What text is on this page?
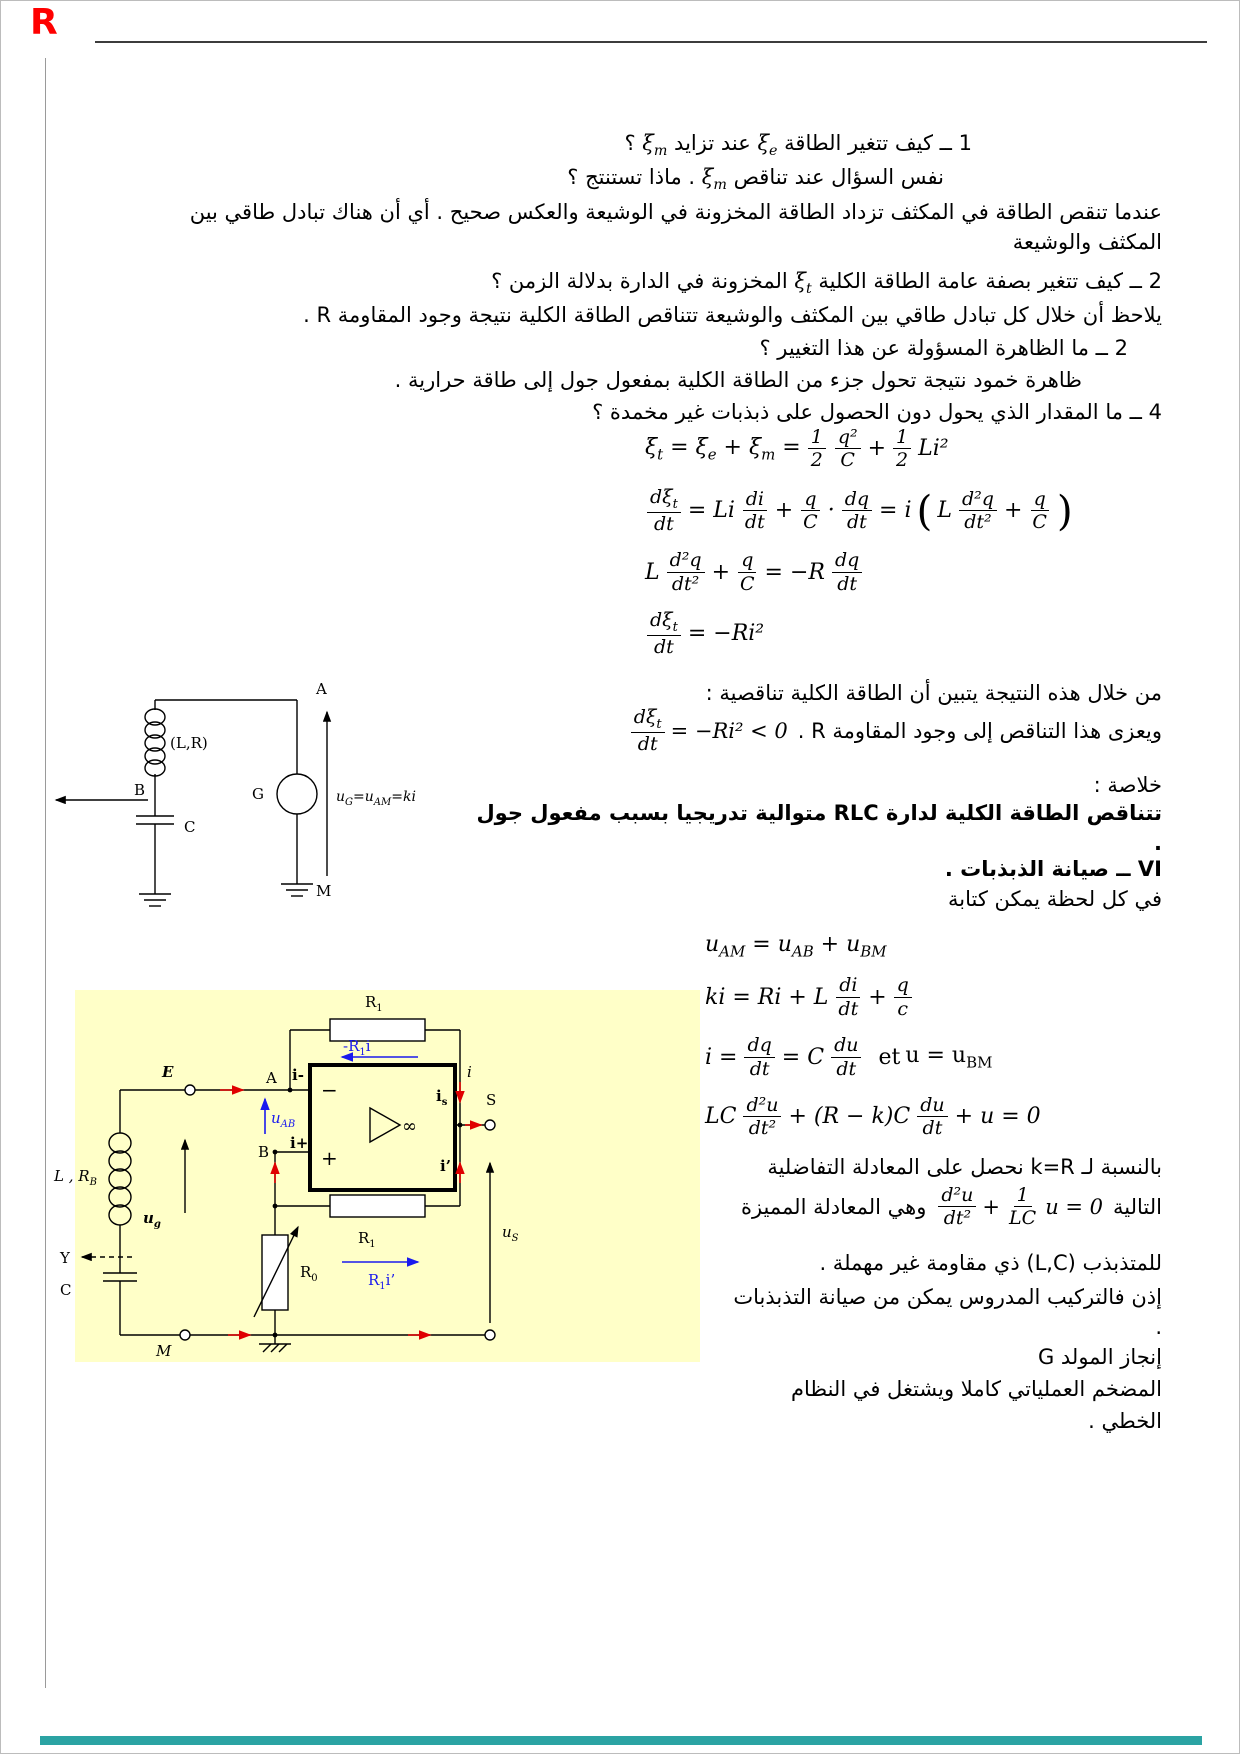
R
1 ــ كيف تتغير الطاقة $\xi_e$ عند تزايد $\xi_m$ ؟
نفس السؤال عند تناقص $\xi_m$ . ماذا تستنتج ؟
عندما تنقص الطاقة في المكثف تزداد الطاقة المخزونة في الوشيعة والعكس صحيح . أي أن هناك تبادل طاقي بين المكثف والوشيعة
2 ــ كيف تتغير بصفة عامة الطاقة الكلية $\xi_t$ المخزونة في الدارة بدلالة الزمن ؟
يلاحظ أن خلال كل تبادل طاقي بين المكثف والوشيعة تتناقص الطاقة الكلية نتيجة وجود المقاومة R .
2 ــ ما الظاهرة المسؤولة عن هذا التغيير ؟
ظاهرة خمود نتيجة تحول جزء من الطاقة الكلية بمفعول جول إلى طاقة حرارية .
4 ــ ما المقدار الذي يحول دون الحصول على ذبذبات غير مخمدة ؟
$\xi_t = \xi_e + \xi_m = \frac{1}{2} \frac{\text{q²}}{C} + \frac{1}{2} Li^2$
$\frac{d\xi_t}{dt} = Li \frac{di}{dt} + \frac{q}{C} \cdot \frac{dq}{dt} = i$ ( L $\frac{\text{d²q}}{\text{dt²}} + \frac{q}{C}$ )
L $\frac{\text{d²q}}{\text{dt²}} + \frac{q}{C} = -R \frac{dq}{dt}$
$\frac{d\xi_t}{dt} = -Ri^2$
من خلال هذه النتيجة يتبين أن الطاقة الكلية تناقصية :
ويعزى هذا التناقص إلى وجود المقاومة R .
$\frac{d\xi_t}{dt} = -Ri^2 < 0$
خلاصة :
تتناقص الطاقة الكلية لدارة RLC متوالية تدريجيا بسبب مفعول جول .
VI ــ صيانة الذبذبات .
في كل لحظة يمكن كتابة
$u_{AM} = u_{AB} + u_{BM}$
ki = Ri + L $\frac{di}{dt} + \frac{q}{c}$
$i = \frac{dq}{dt} = C \frac{du}{dt}$ et $u = u_{BM}$
LC $\frac{\text{d²u}}{\text{dt²}} + (R - k)C \frac{du}{dt} + u = 0$
بالنسبة لـ k=R نحصل على المعادلة التفاضلية
التالية
$\frac{\text{d²u}}{\text{dt²}} + \frac{1}{LC}$ u = 0
وهي المعادلة المميزة
للمتذبذب (L,C) ذي مقاومة غير مهملة .
إذن فالتركيب المدروس يمكن من صيانة التذبذبات
.
إنجاز المولد G
المضخم العملياتي كاملا ويشتغل في النظام
الخطي .
A
M
G
(L,R)
B
C
$u_G=u_{AM}=ki$
∞
−
+
E	A
B
i-
i+
$u_{AB}$
$R_1$
$-R_1i$
i
$i_s$	S
i’
$R_1$
$R_1i$’
$R_0$
L , $R_B$
$u_g$
Y
C
M
$u_S$
